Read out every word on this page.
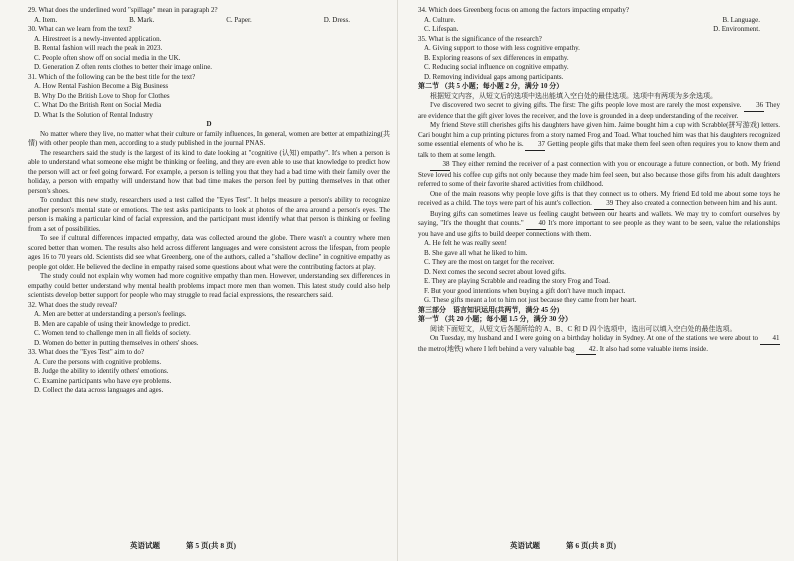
29. What does the underlined word "spillage" mean in paragraph 2?

A. Item.	B. Mark.	C. Paper.	D. Dress.

30. What can we learn from the text?

A. Hirestreet is a newly-invented application.

B. Rental fashion will reach the peak in 2023.

C. People often show off on social media in the UK.

D. Generation Z often rents clothes to better their image online.

31. Which of the following can be the best title for the text?

A. How Rental Fashion Become a Big Business

B. Why Do the British Love to Shop for Clothes

C. What Do the British Rent on Social Media

D. What Is the Solution of Rental Industry

D

No matter where they live, no matter what their culture or family influences, In general, women are better at empathizing(共情) with other people than men, according to a study published in the journal PNAS.

The researchers said the study is the largest of its kind to date looking at "cognitive (认知) empathy". It's when a person is able to understand what someone else might be thinking or feeling, and they are even able to use that knowledge to predict how the person will act or feel going forward. For example, a person is telling you that they had a bad time with their family over the holiday, a person with empathy will understand how that bad time makes the person feel by putting themselves in that other person's shoes.

To conduct this new study, researchers used a test called the "Eyes Test". It helps measure a person's ability to recognize another person's mental state or emotions. The test asks participants to look at photos of the area around a person's eyes. The person is making a particular kind of facial expression, and the participant must identify what that person is thinking or feeling from a set of possibilities.

To see if cultural differences impacted empathy, data was collected around the globe. There wasn't a country where men scored better than women. The results also held across different languages and were consistent across the lifespan, from people ages 16 to 70 years old. Scientists did see what Greenberg, one of the authors, called a "shallow decline" in cognitive empathy as people got older. He believed the decline in empathy raised some questions about what were the contributing factors at play.

The study could not explain why women had more cognitive empathy than men. However, understanding sex differences in empathy could better understand why mental health problems impact more men than women. This latest study could also help scientists develop better support for people who may struggle to read facial expressions, the researchers said.

32. What does the study reveal?

A. Men are better at understanding a person's feelings.

B. Men are capable of using their knowledge to predict.

C. Women tend to challenge men in all fields of society.

D. Women do better in putting themselves in others' shoes.

33. What does the "Eyes Test" aim to do?

A. Cure the persons with cognitive problems.

B. Judge the ability to identify others' emotions.

C. Examine participants who have eye problems.

D. Collect the data across languages and ages.

英语试题	第 5 页(共 8 页)

34. Which does Greenberg focus on among the factors impacting empathy?

A. Culture.	B. Language.
C. Lifespan.	D. Environment.

35. What is the significance of the research?

A. Giving support to those with less cognitive empathy.

B. Exploring reasons of sex differences in empathy.

C. Reducing social influence on cognitive empathy.

D. Removing individual gaps among participants.

第二节 （共 5 小题；每小题 2 分，满分 10 分）

根据短文内容，从短文后的选项中选出能填入空白处的最佳选项。选项中有两项为多余选项。

I've discovered two secret to giving gifts. The first: The gifts people love most are rarely the most expensive. 36 They are evidence that the gift giver loves the receiver, and the love is grounded in a deep understanding of the receiver.

My friend Steve still cherishes gifts his daughters have given him. Jaime bought him a cup with Scrabble(拼写游戏) letters. Cari bought him a cup printing pictures from a story named Frog and Toad. What touched him was that his daughters recognized some essential elements of who he is. 37 Getting people gifts that make them feel seen often requires you to know them and talk to them at some length.

38 They either remind the receiver of a past connection with you or encourage a future connection, or both. My friend Steve loved his coffee cup gifts not only because they made him feel seen, but also because those gifts from his adult daughters referred to some of their favorite shared activities from childhood.

One of the main reasons why people love gifts is that they connect us to others. My friend Ed told me about some toys he received as a child. The toys were part of his aunt's collection. 39 They also created a connection between him and his aunt.

Buying gifts can sometimes leave us feeling caught between our hearts and wallets. We may try to comfort ourselves by saying, "It's the thought that counts." 40 It's more important to see people as they want to be seen, value the relationships you have and use gifts to build deeper connections with them.

A. He felt he was really seen!

B. She gave all what he liked to him.

C. They are the most on target for the receiver.

D. Next comes the second secret about loved gifts.

E. They are playing Scrabble and reading the story Frog and Toad.

F. But your good intentions when buying a gift don't have much impact.

G. These gifts meant a lot to him not just because they came from her heart.

第三部分　语言知识运用(共两节，满分 45 分)

第一节 （共 20 小题；每小题 1.5 分，满分 30 分）

阅读下面短文，从短文后各题所给的 A、B、C 和 D 四个选项中，选出可以填入空白处的最佳选项。

On Tuesday, my husband and I were going on a birthday holiday in Sydney. At one of the stations we were about to 41 the metro(地铁) where I left behind a very valuable bag 42. It also had some valuable items inside.

英语试题	第 6 页(共 8 页)
